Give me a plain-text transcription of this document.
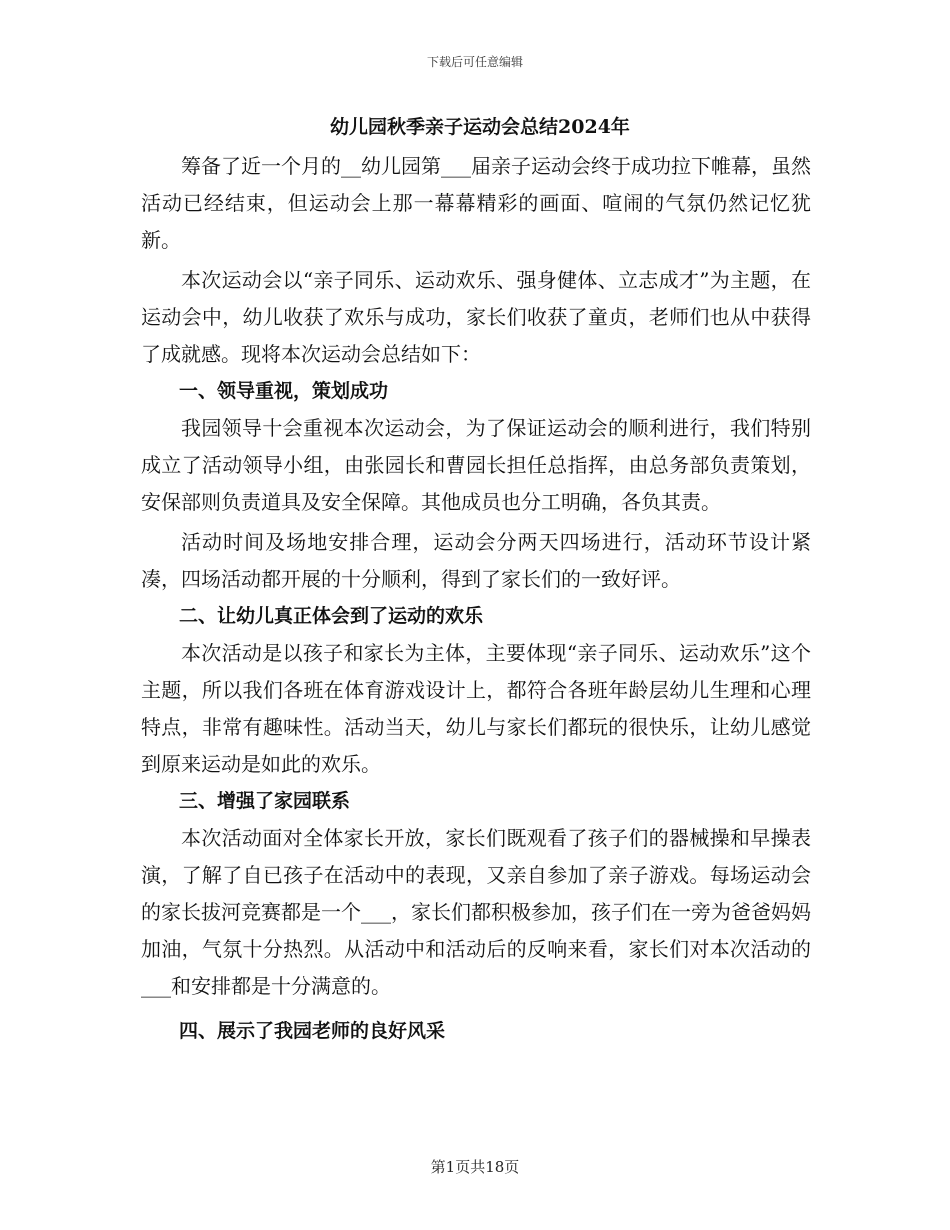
下载后可任意编辑
幼儿园秋季亲子运动会总结2024年

筹备了近一个月的__幼儿园第___届亲子运动会终于成功拉下帷幕，虽然活动已经结束，但运动会上那一幕幕精彩的画面、喧闹的气氛仍然记忆犹新。

本次运动会以“亲子同乐、运动欢乐、强身健体、立志成才”为主题，在运动会中，幼儿收获了欢乐与成功，家长们收获了童贞，老师们也从中获得了成就感。现将本次运动会总结如下：

一、领导重视，策划成功

我园领导十会重视本次运动会，为了保证运动会的顺利进行，我们特别成立了活动领导小组，由张园长和曹园长担任总指挥，由总务部负责策划，安保部则负责道具及安全保障。其他成员也分工明确，各负其责。

活动时间及场地安排合理，运动会分两天四场进行，活动环节设计紧凑，四场活动都开展的十分顺利，得到了家长们的一致好评。

二、让幼儿真正体会到了运动的欢乐

本次活动是以孩子和家长为主体，主要体现“亲子同乐、运动欢乐”这个主题，所以我们各班在体育游戏设计上，都符合各班年龄层幼儿生理和心理特点，非常有趣味性。活动当天，幼儿与家长们都玩的很快乐，让幼儿感觉到原来运动是如此的欢乐。

三、增强了家园联系

本次活动面对全体家长开放，家长们既观看了孩子们的器械操和早操表演，了解了自已孩子在活动中的表现，又亲自参加了亲子游戏。每场运动会的家长拔河竞赛都是一个___，家长们都积极参加，孩子们在一旁为爸爸妈妈加油，气氛十分热烈。从活动中和活动后的反响来看，家长们对本次活动的___和安排都是十分满意的。

四、展示了我园老师的良好风采

第1页共18页
